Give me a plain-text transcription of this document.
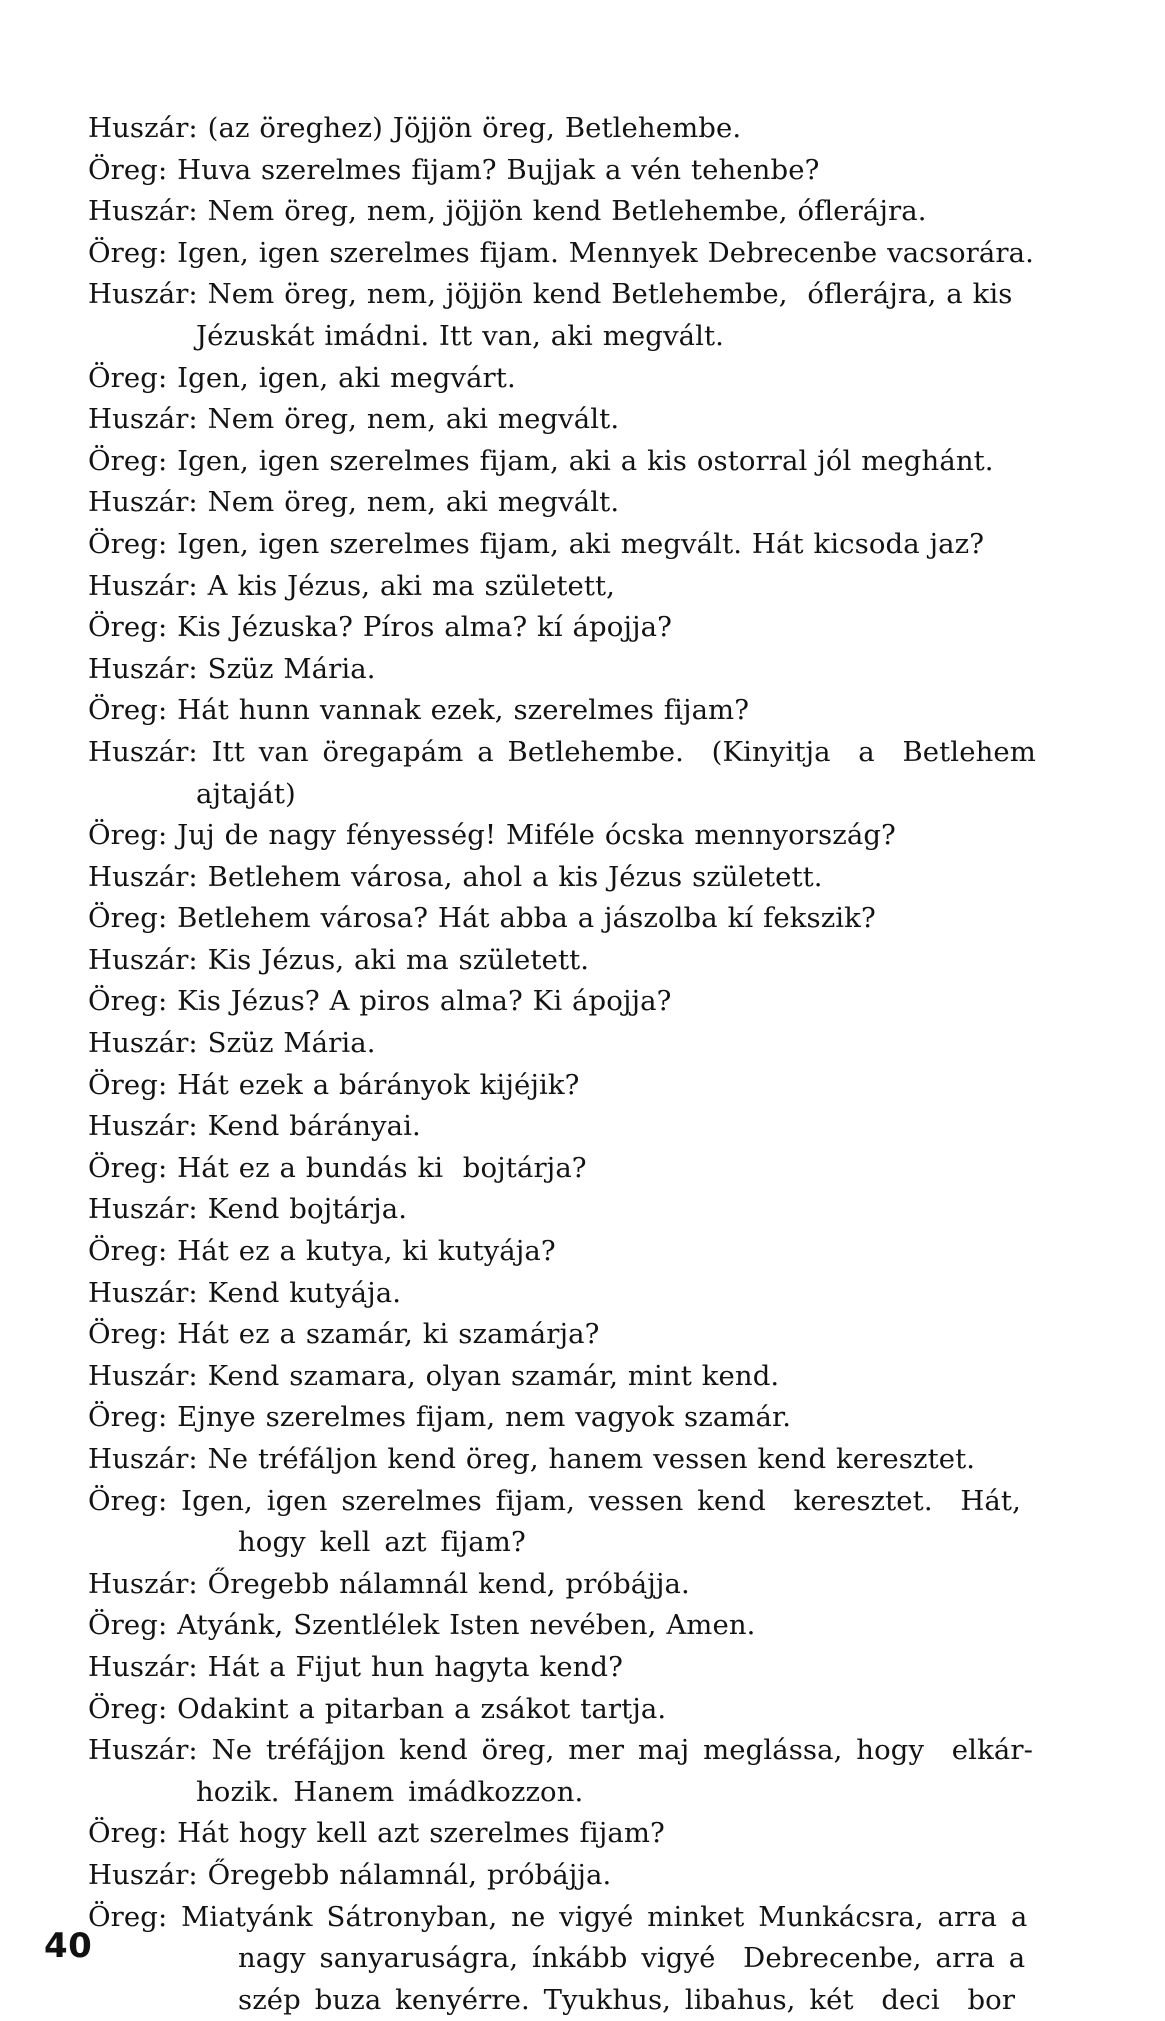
Huszár: (az öreghez) Jöjjön öreg, Betlehembe.
Öreg: Huva szerelmes fijam? Bujjak a vén tehenbe?
Huszár: Nem öreg, nem, jöjjön kend Betlehembe, óflerájra.
Öreg: Igen, igen szerelmes fijam. Mennyek Debrecenbe vacsorára.
Huszár: Nem öreg, nem, jöjjön kend Betlehembe,  óflerájra, a kis
Jézuskát imádni. Itt van, aki megvált.
Öreg: Igen, igen, aki megvárt.
Huszár: Nem öreg, nem, aki megvált.
Öreg: Igen, igen szerelmes fijam, aki a kis ostorral jól meghánt.
Huszár: Nem öreg, nem, aki megvált.
Öreg: Igen, igen szerelmes fijam, aki megvált. Hát kicsoda jaz?
Huszár: A kis Jézus, aki ma született,
Öreg: Kis Jézuska? Píros alma? kí ápojja?
Huszár: Szüz Mária.
Öreg: Hát hunn vannak ezek, szerelmes fijam?
Huszár: Itt van öregapám a Betlehembe.  (Kinyitja  a  Betlehem
ajtaját)
Öreg: Juj de nagy fényesség! Miféle ócska mennyország?
Huszár: Betlehem városa, ahol a kis Jézus született.
Öreg: Betlehem városa? Hát abba a jászolba kí fekszik?
Huszár: Kis Jézus, aki ma született.
Öreg: Kis Jézus? A piros alma? Ki ápojja?
Huszár: Szüz Mária.
Öreg: Hát ezek a bárányok kijéjik?
Huszár: Kend bárányai.
Öreg: Hát ez a bundás ki  bojtárja?
Huszár: Kend bojtárja.
Öreg: Hát ez a kutya, ki kutyája?
Huszár: Kend kutyája.
Öreg: Hát ez a szamár, ki szamárja?
Huszár: Kend szamara, olyan szamár, mint kend.
Öreg: Ejnye szerelmes fijam, nem vagyok szamár.
Huszár: Ne tréfáljon kend öreg, hanem vessen kend keresztet.
Öreg: Igen, igen szerelmes fijam, vessen kend  keresztet.  Hát,
hogy kell azt fijam?
Huszár: Őregebb nálamnál kend, próbájja.
Öreg: Atyánk, Szentlélek Isten nevében, Amen.
Huszár: Hát a Fijut hun hagyta kend?
Öreg: Odakint a pitarban a zsákot tartja.
Huszár: Ne tréfájjon kend öreg, mer maj meglássa, hogy  elkár-
hozik. Hanem imádkozzon.
Öreg: Hát hogy kell azt szerelmes fijam?
Huszár: Őregebb nálamnál, próbájja.
Öreg: Miatyánk Sátronyban, ne vigyé minket Munkácsra, arra a
nagy sanyaruságra, ínkább vigyé  Debrecenbe, arra a
szép buza kenyérre. Tyukhus, libahus, két  deci  bor
40
